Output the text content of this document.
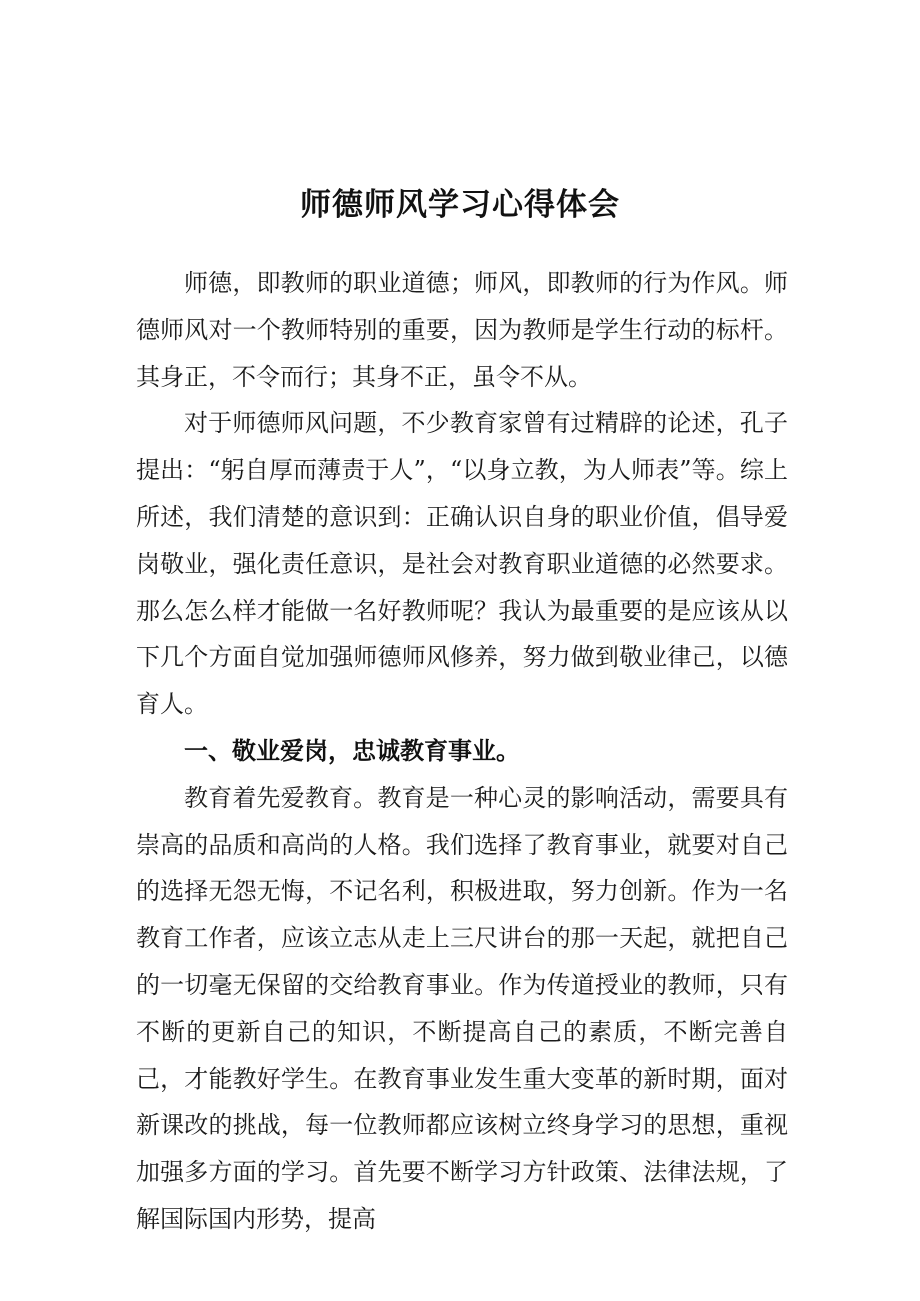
师德师风学习心得体会

师德，即教师的职业道德；师风，即教师的行为作风。师德师风对一个教师特别的重要，因为教师是学生行动的标杆。其身正，不令而行；其身不正，虽令不从。

对于师德师风问题，不少教育家曾有过精辟的论述，孔子提出：“躬自厚而薄责于人”，“以身立教，为人师表”等。综上所述，我们清楚的意识到：正确认识自身的职业价值，倡导爱岗敬业，强化责任意识，是社会对教育职业道德的必然要求。那么怎么样才能做一名好教师呢？我认为最重要的是应该从以下几个方面自觉加强师德师风修养，努力做到敬业律己，以德育人。

一、敬业爱岗，忠诚教育事业。

教育着先爱教育。教育是一种心灵的影响活动，需要具有崇高的品质和高尚的人格。我们选择了教育事业，就要对自己的选择无怨无悔，不记名利，积极进取，努力创新。作为一名教育工作者，应该立志从走上三尺讲台的那一天起，就把自己的一切毫无保留的交给教育事业。作为传道授业的教师，只有不断的更新自己的知识，不断提高自己的素质，不断完善自己，才能教好学生。在教育事业发生重大变革的新时期，面对新课改的挑战，每一位教师都应该树立终身学习的思想，重视加强多方面的学习。首先要不断学习方针政策、法律法规，了解国际国内形势，提高
